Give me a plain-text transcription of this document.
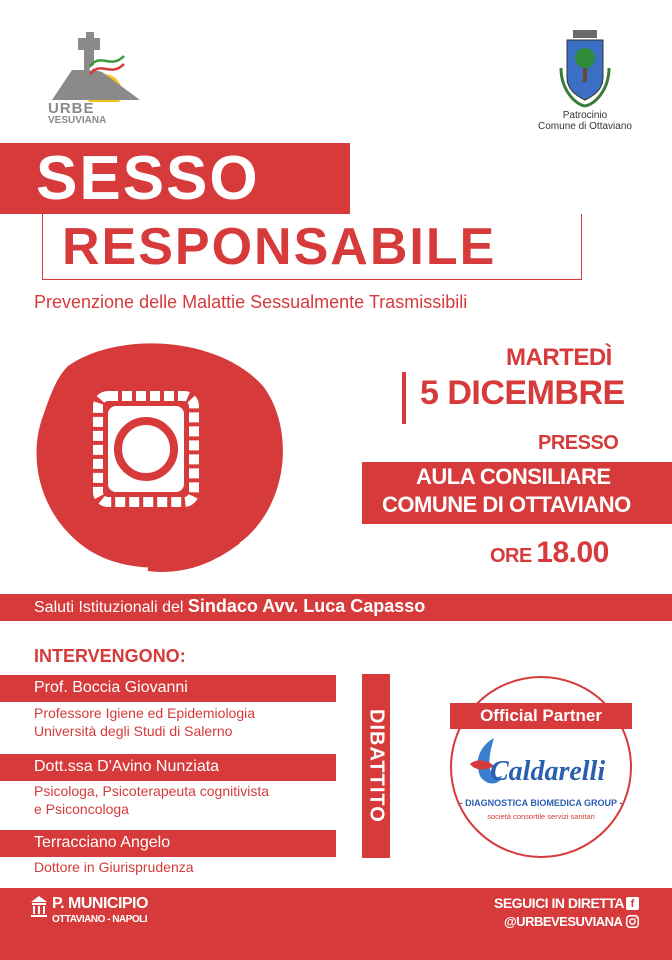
URBE
VESUVIANA	Patrocinio
Comune di Ottaviano
SESSO
RESPONSABILE
Prevenzione delle Malattie Sessualmente Trasmissibili
MARTEDÌ
5 DICEMBRE
PRESSO
AULA CONSILIARE
COMUNE DI OTTAVIANO
ORE 18.00
Saluti Istituzionali del Sindaco Avv. Luca Capasso
INTERVENGONO:
Prof. Boccia Giovanni
Professore Igiene ed Epidemiologia
Università degli Studi di Salerno
Dott.ssa D'Avino Nunziata
Psicologa, Psicoterapeuta cognitivista
e Psiconcologa
Terracciano Angelo
Dottore in Giurisprudenza
DIBATTITO	Official Partner
Caldarelli
- DIAGNOSTICA BIOMEDICA GROUP -
società consortile servizi sanitari
P. MUNICIPIO
OTTAVIANO - NAPOLI
SEGUICI IN DIRETTA
@URBEVESUVIANA
f
